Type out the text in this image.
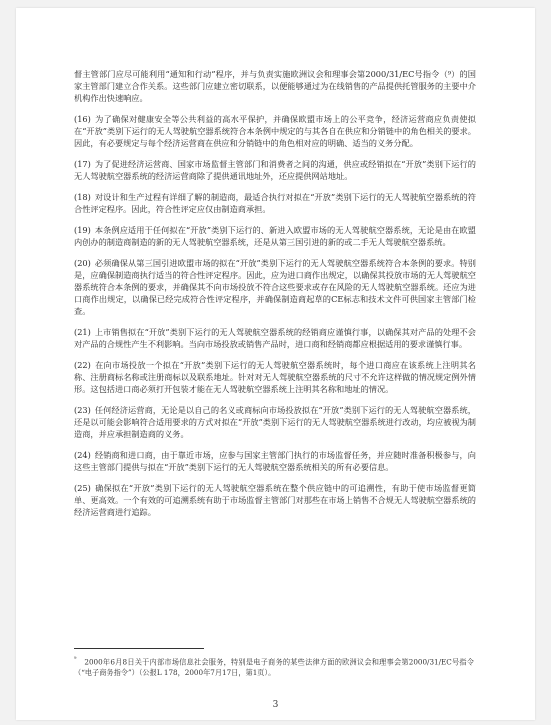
督主管部门应尽可能利用“通知和行动”程序，并与负责实施欧洲议会和理事会第2000/31/EC号指令（⁹）的国家主管部门建立合作关系。这些部门应建立密切联系，以便能够通过为在线销售的产品提供托管服务的主要中介机构作出快速响应。

(16) 为了确保对健康安全等公共利益的高水平保护，并确保欧盟市场上的公平竞争，经济运营商应负责使拟在“开放”类别下运行的无人驾驶航空器系统符合本条例中规定的与其各自在供应和分销链中的角色相关的要求。因此，有必要规定与每个经济运营商在供应和分销链中的角色相对应的明确、适当的义务分配。

(17) 为了促进经济运营商、国家市场监督主管部门和消费者之间的沟通，供应或经销拟在“开放”类别下运行的无人驾驶航空器系统的经济运营商除了提供通讯地址外，还应提供网站地址。

(18) 对设计和生产过程有详细了解的制造商，最适合执行对拟在“开放”类别下运行的无人驾驶航空器系统的符合性评定程序。因此，符合性评定应仅由制造商承担。

(19) 本条例应适用于任何拟在“开放”类别下运行的、新进入欧盟市场的无人驾驶航空器系统，无论是由在欧盟内创办的制造商制造的新的无人驾驶航空器系统，还是从第三国引进的新的或二手无人驾驶航空器系统。

(20) 必须确保从第三国引进欧盟市场的拟在“开放”类别下运行的无人驾驶航空器系统符合本条例的要求。特别是，应确保制造商执行适当的符合性评定程序。因此，应为进口商作出规定，以确保其投放市场的无人驾驶航空器系统符合本条例的要求，并确保其不向市场投放不符合这些要求或存在风险的无人驾驶航空器系统。还应为进口商作出规定，以确保已经完成符合性评定程序，并确保制造商起草的CE标志和技术文件可供国家主管部门检查。

(21) 上市销售拟在“开放”类别下运行的无人驾驶航空器系统的经销商应谨慎行事，以确保其对产品的处理不会对产品的合规性产生不利影响。当向市场投放或销售产品时，进口商和经销商都应根据适用的要求谨慎行事。

(22) 在向市场投放一个拟在“开放”类别下运行的无人驾驶航空器系统时，每个进口商应在该系统上注明其名称、注册商标名称或注册商标以及联系地址。针对对无人驾驶航空器系统的尺寸不允许这样做的情况规定例外情形。这包括进口商必须打开包装才能在无人驾驶航空器系统上注明其名称和地址的情况。

(23) 任何经济运营商，无论是以自己的名义或商标向市场投放拟在“开放”类别下运行的无人驾驶航空器系统，还是以可能会影响符合适用要求的方式对拟在“开放”类别下运行的无人驾驶航空器系统进行改动，均应被视为制造商，并应承担制造商的义务。

(24) 经销商和进口商，由于靠近市场，应参与国家主管部门执行的市场监督任务，并应随时准备积极参与，向这些主管部门提供与拟在“开放”类别下运行的无人驾驶航空器系统相关的所有必要信息。

(25) 确保拟在“开放”类别下运行的无人驾驶航空器系统在整个供应链中的可追溯性，有助于使市场监督更简单、更高效。一个有效的可追溯系统有助于市场监督主管部门对那些在市场上销售不合规无人驾驶航空器系统的经济运营商进行追踪。

$^{^9}$ 2000年6月8日关于内部市场信息社会服务，特别是电子商务的某些法律方面的欧洲议会和理事会第2000/31/EC号指令（“电子商务指令”）（公报L 178，2000年7月17日，第1页）。
3
